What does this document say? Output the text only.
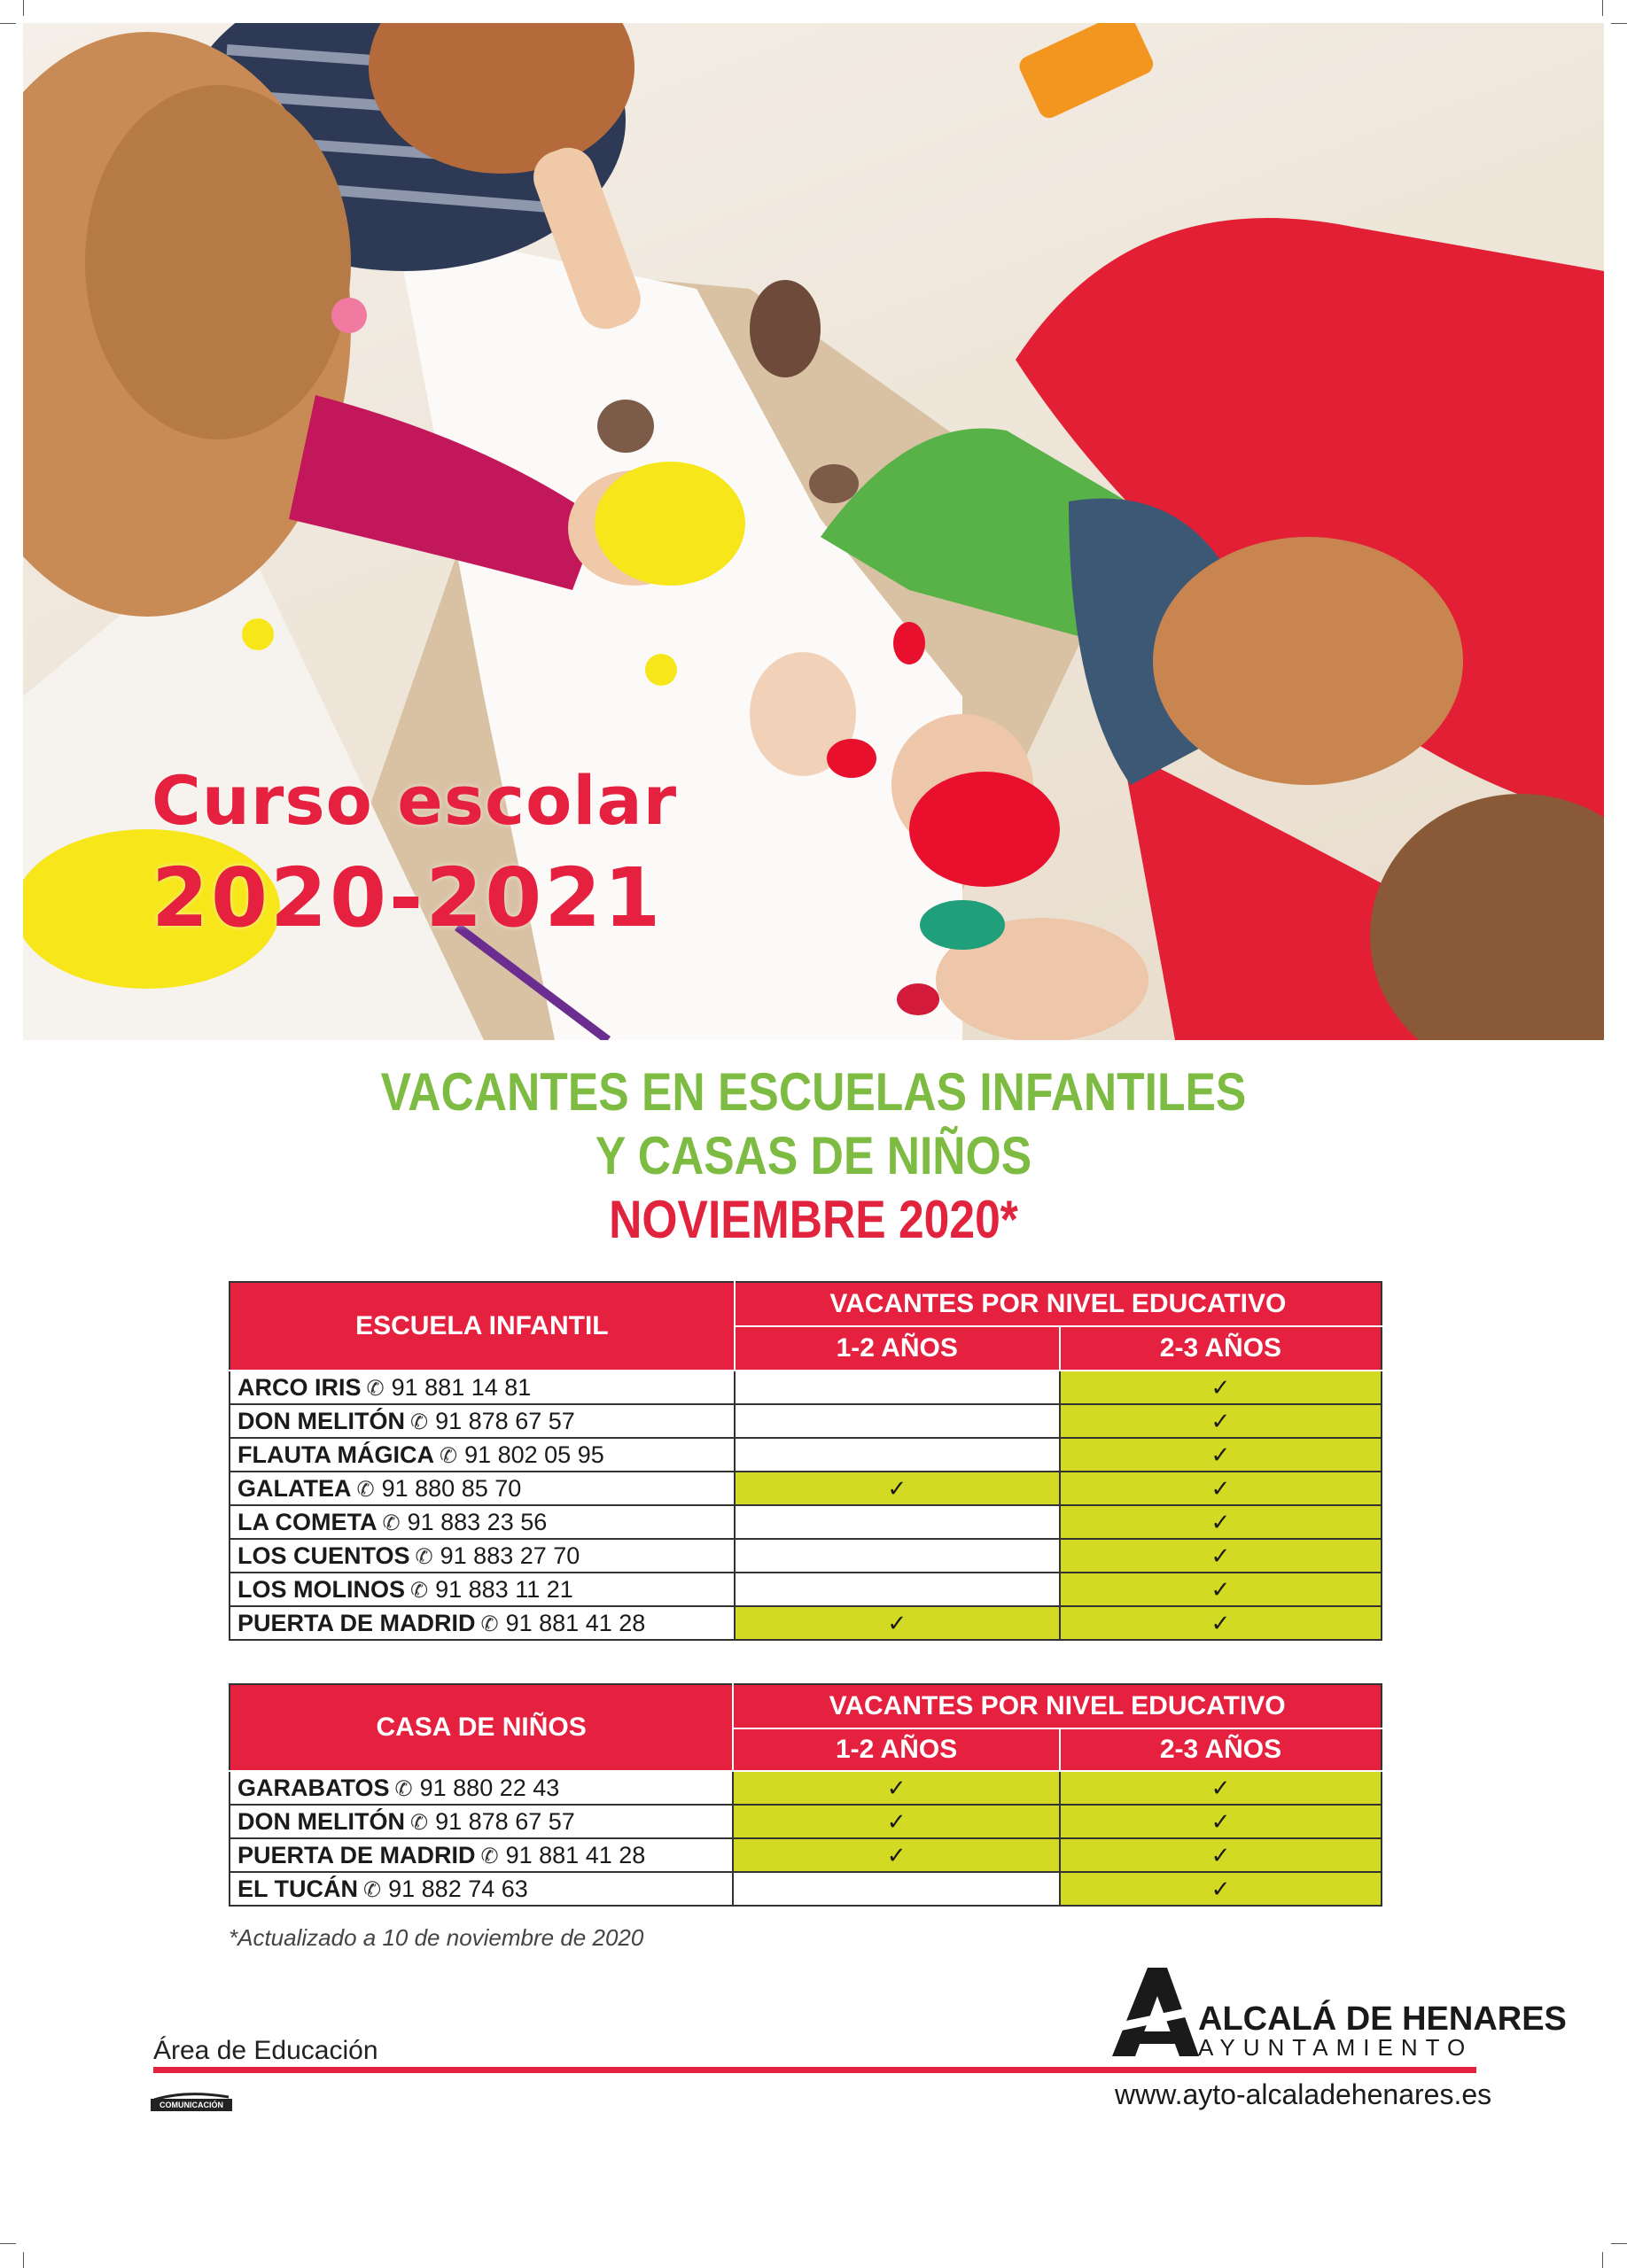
Curso escolar
2020-2021
VACANTES EN ESCUELAS INFANTILES
Y CASAS DE NIÑOS
NOVIEMBRE 2020*
ESCUELA INFANTIL	VACANTES POR NIVEL EDUCATIVO	
	1-2 AÑOS	2-3 AÑOS
ARCO IRIS ✆ 91 881 14 81		✓
DON MELITÓN ✆ 91 878 67 57		✓
FLAUTA MÁGICA ✆ 91 802 05 95		✓
GALATEA ✆ 91 880 85 70	✓	✓
LA COMETA ✆ 91 883 23 56		✓
LOS CUENTOS ✆ 91 883 27 70		✓
LOS MOLINOS ✆ 91 883 11 21		✓
PUERTA DE MADRID ✆ 91 881 41 28	✓	✓
CASA DE NIÑOS	VACANTES POR NIVEL EDUCATIVO	
	1-2 AÑOS	2-3 AÑOS
GARABATOS ✆ 91 880 22 43	✓	✓
DON MELITÓN ✆ 91 878 67 57	✓	✓
PUERTA DE MADRID ✆ 91 881 41 28	✓	✓
EL TUCÁN ✆ 91 882 74 63		✓
*Actualizado a 10 de noviembre de 2020
Área de Educación
COMUNICACIÓN
ALCALÁ DE HENARES
AYUNTAMIENTO
www.ayto-alcaladehenares.es
